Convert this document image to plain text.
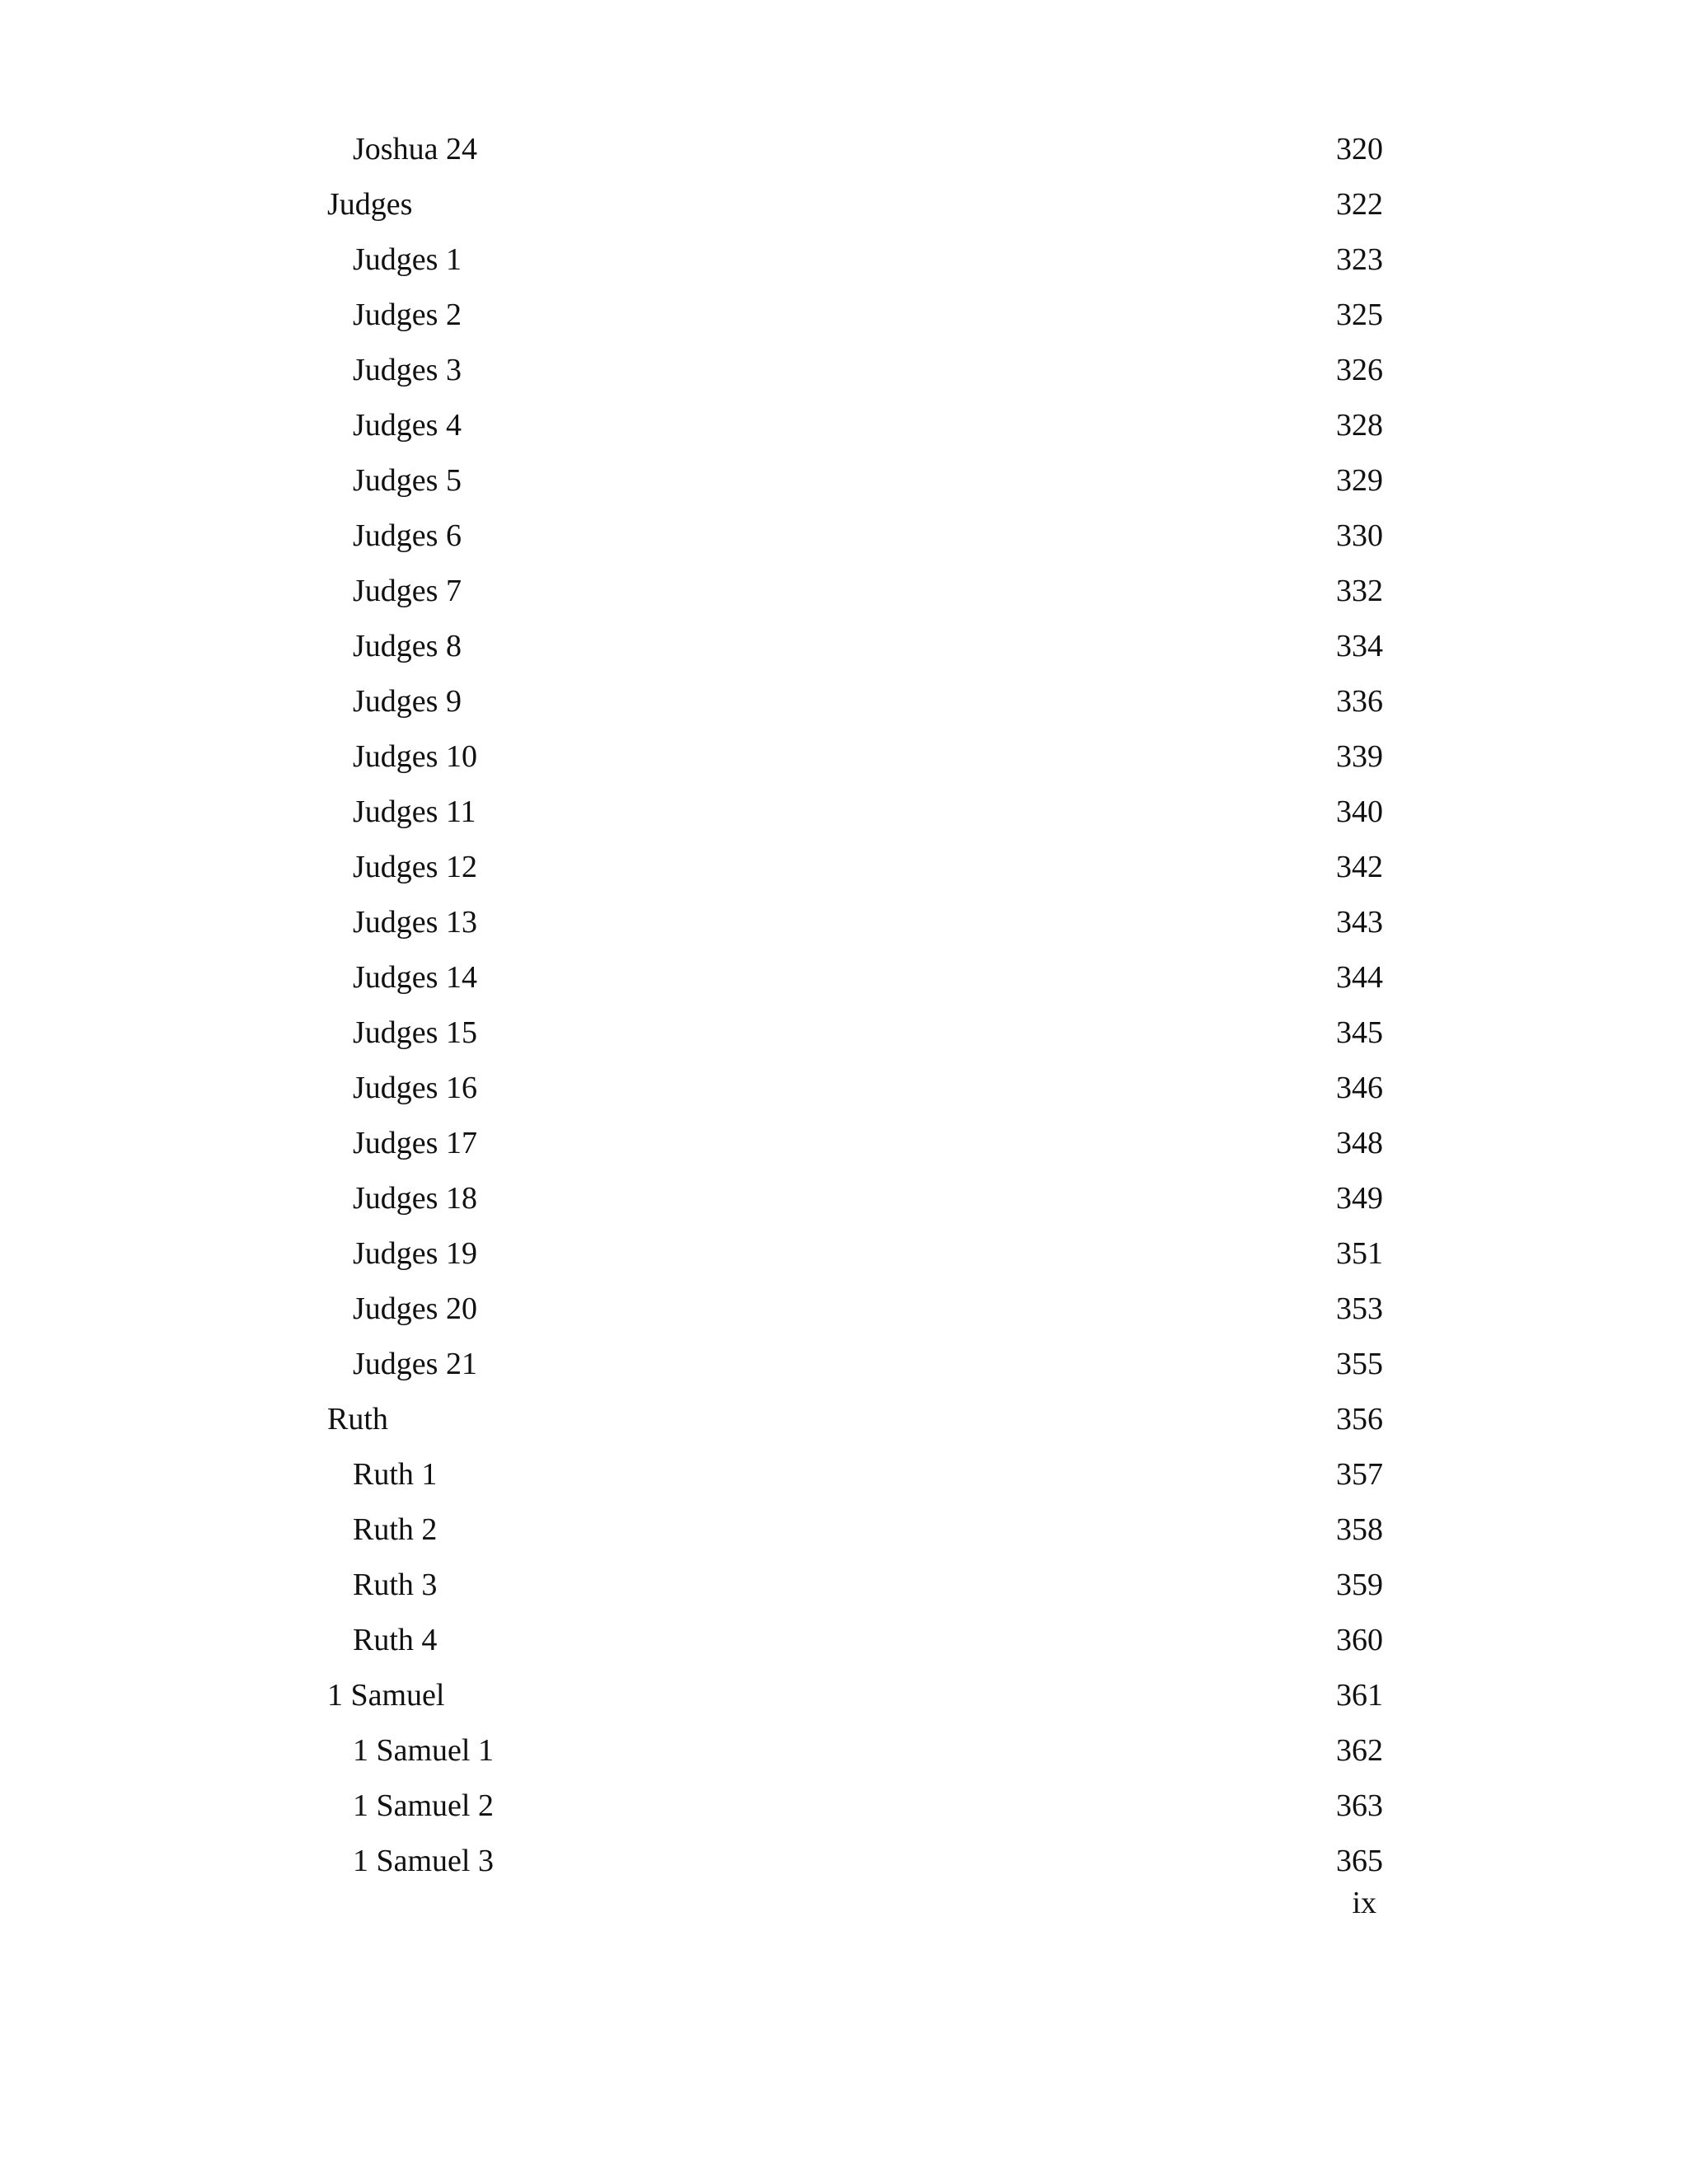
Joshua 24	320
Judges	322
Judges 1	323
Judges 2	325
Judges 3	326
Judges 4	328
Judges 5	329
Judges 6	330
Judges 7	332
Judges 8	334
Judges 9	336
Judges 10	339
Judges 11	340
Judges 12	342
Judges 13	343
Judges 14	344
Judges 15	345
Judges 16	346
Judges 17	348
Judges 18	349
Judges 19	351
Judges 20	353
Judges 21	355
Ruth	356
Ruth 1	357
Ruth 2	358
Ruth 3	359
Ruth 4	360
1 Samuel	361
1 Samuel 1	362
1 Samuel 2	363
1 Samuel 3	365
ix
